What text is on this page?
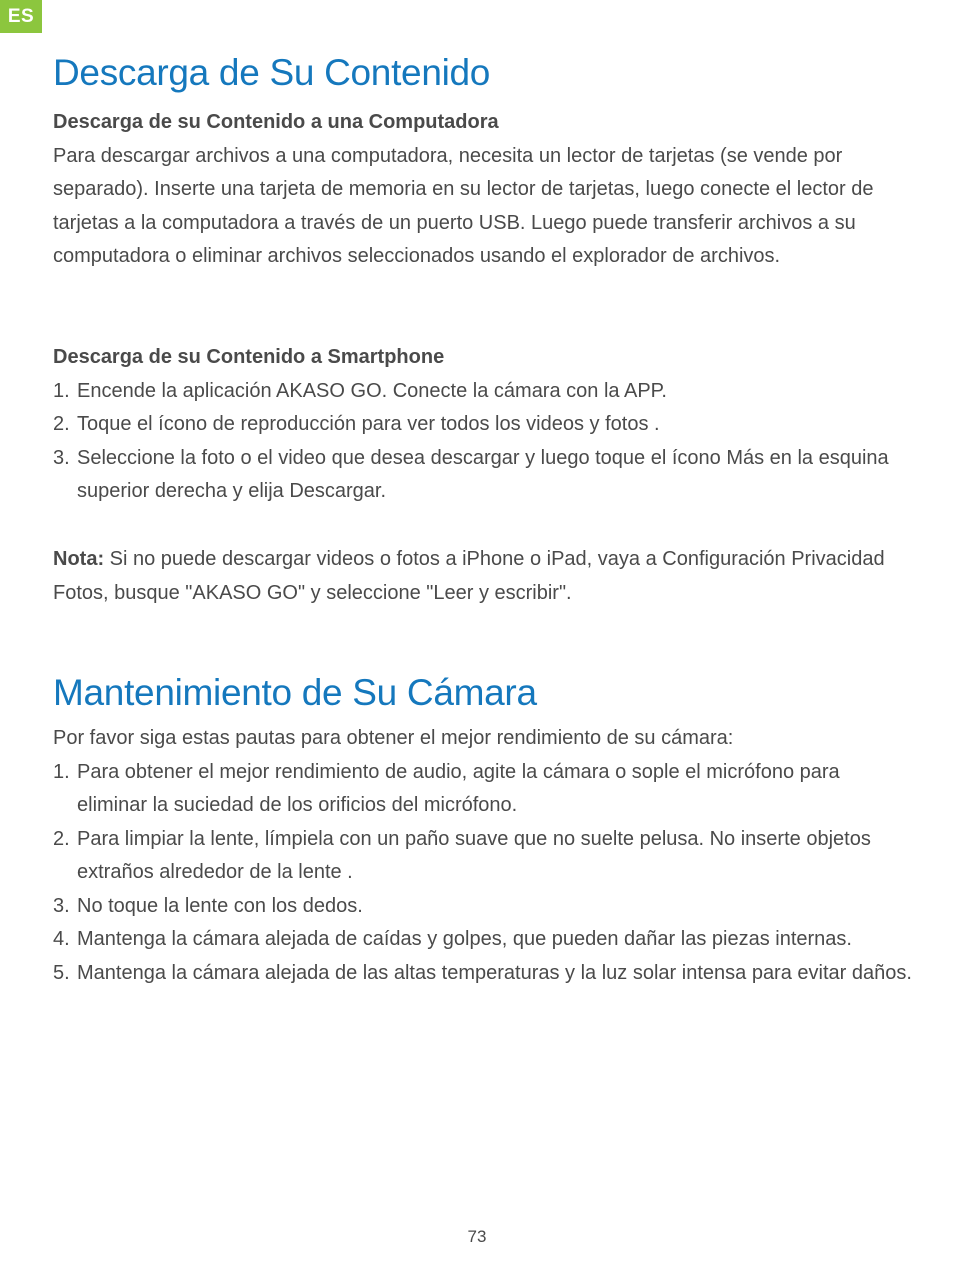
ES
Descarga de Su Contenido

Descarga de su Contenido a una Computadora

Para descargar archivos a una computadora, necesita un lector de tarjetas (se vende por separado). Inserte una tarjeta de memoria en su lector de tarjetas, luego conecte el lector de tarjetas a la computadora a través de un puerto USB. Luego puede transferir archivos a su computadora o eliminar archivos seleccionados usando el explorador de archivos.

Descarga de su Contenido a Smartphone

1. Encende la aplicación AKASO GO. Conecte la cámara con la APP.
2. Toque el ícono de reproducción para ver todos los videos y fotos .
3. Seleccione la foto o el video que desea descargar y luego toque el ícono Más en la esquina superior derecha y elija Descargar.

Nota: Si no puede descargar videos o fotos a iPhone o iPad, vaya a Configuración Privacidad Fotos, busque "AKASO GO" y seleccione "Leer y escribir".

Mantenimiento de Su Cámara

Por favor siga estas pautas para obtener el mejor rendimiento de su cámara:

1. Para obtener el mejor rendimiento de audio, agite la cámara o sople el micrófono para eliminar la suciedad de los orificios del micrófono.
2. Para limpiar la lente, límpiela con un paño suave que no suelte pelusa. No inserte objetos extraños alrededor de la lente .
3. No toque la lente con los dedos.
4. Mantenga la cámara alejada de caídas y golpes, que pueden dañar las piezas internas.
5. Mantenga la cámara alejada de las altas temperaturas y la luz solar intensa para evitar daños.
73
